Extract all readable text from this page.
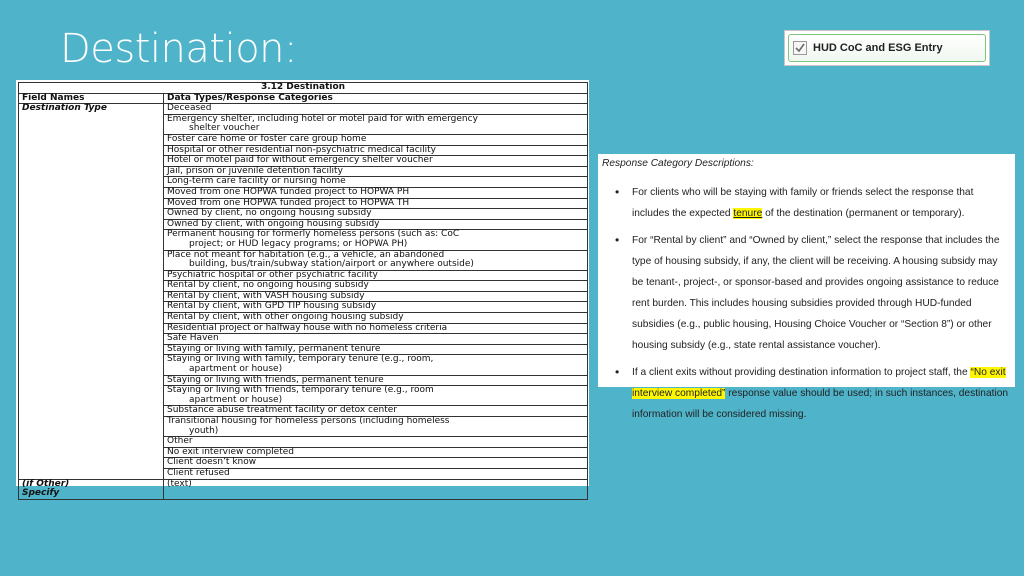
Destination:	HUD CoC and ESG Entry
3.12 Destination	
Field Names	Data Types/Response Categories
Destination Type	Deceased
	Emergency shelter, including hotel or motel paid for with emergency
shelter voucher

	Foster care home or foster care group home
	Hospital or other residential non-psychiatric medical facility
	Hotel or motel paid for without emergency shelter voucher
	Jail, prison or juvenile detention facility
	Long-term care facility or nursing home
	Moved from one HOPWA funded project to HOPWA PH
	Moved from one HOPWA funded project to HOPWA TH
	Owned by client, no ongoing housing subsidy
	Owned by client, with ongoing housing subsidy
	Permanent housing for formerly homeless persons (such as: CoC
project; or HUD legacy programs; or HOPWA PH)

	Place not meant for habitation (e.g., a vehicle, an abandoned
building, bus/train/subway station/airport or anywhere outside)

	Psychiatric hospital or other psychiatric facility
	Rental by client, no ongoing housing subsidy
	Rental by client, with VASH housing subsidy
	Rental by client, with GPD TIP housing subsidy
	Rental by client, with other ongoing housing subsidy
	Residential project or halfway house with no homeless criteria
	Safe Haven
	Staying or living with family, permanent tenure
	Staying or living with family, temporary tenure (e.g., room,
apartment or house)

	Staying or living with friends, permanent tenure
	Staying or living with friends, temporary tenure (e.g., room
apartment or house)

	Substance abuse treatment facility or detox center
	Transitional housing for homeless persons (including homeless
youth)

	Other
	No exit interview completed
	Client doesn’t know
	Client refused
(if Other)
Specify	(text)
Response Category Descriptions:
• For clients who will be staying with family or friends select the response that includes the expected tenure of the destination (permanent or temporary).
• For “Rental by client” and “Owned by client,” select the response that includes the type of housing subsidy, if any, the client will be receiving. A housing subsidy may be tenant-, project-, or sponsor-based and provides ongoing assistance to reduce rent burden. This includes housing subsidies provided through HUD-funded subsidies (e.g., public housing, Housing Choice Voucher or “Section 8”) or other housing subsidy (e.g., state rental assistance voucher).
• If a client exits without providing destination information to project staff, the “No exit interview completed” response value should be used; in such instances, destination information will be considered missing.
